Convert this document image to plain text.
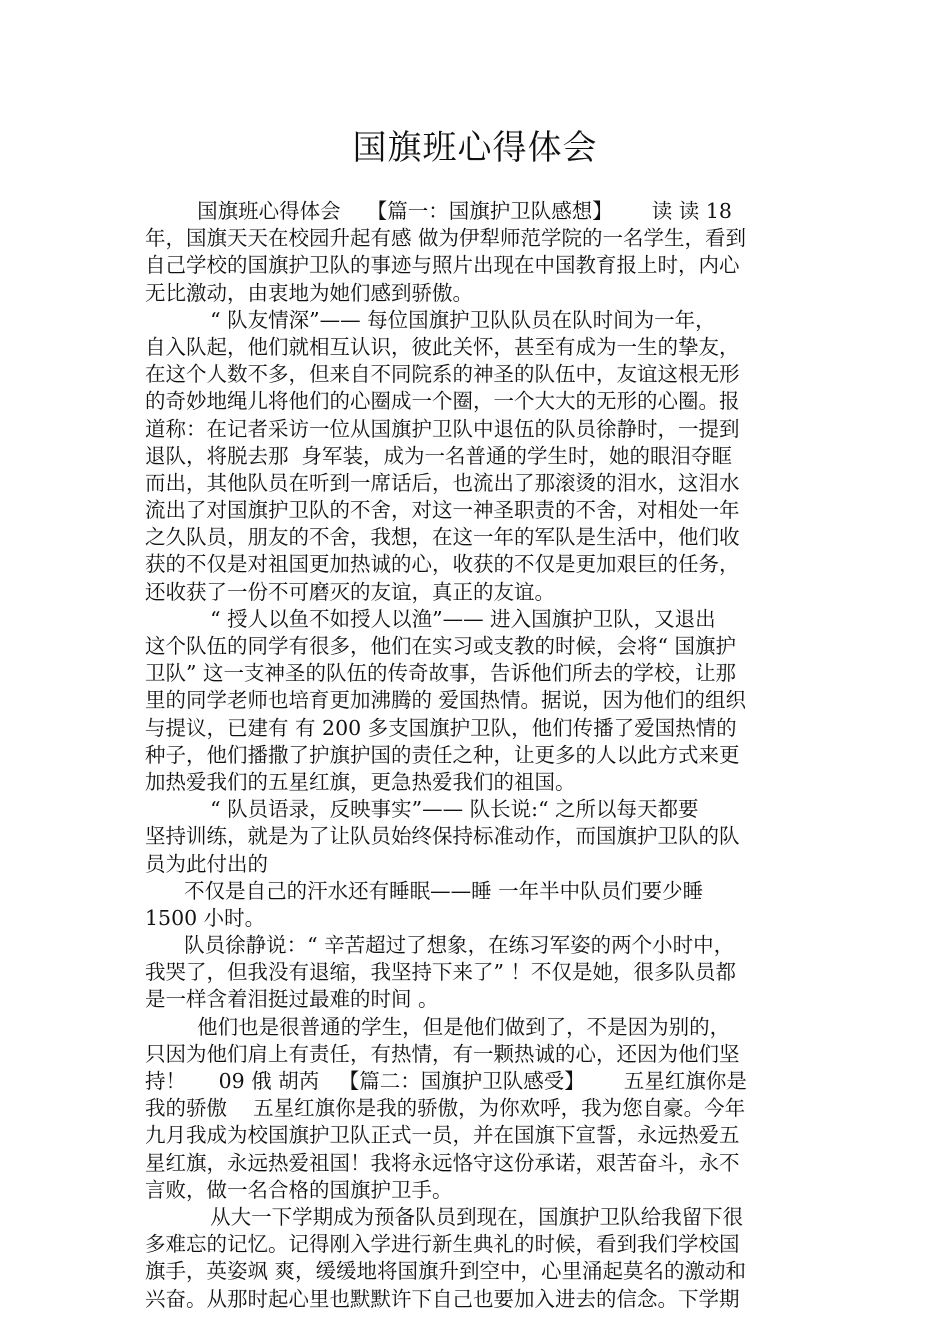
国旗班心得体会
国旗班心得体会    【篇一：国旗护卫队感想】      读 读 18
年，国旗天天在校园升起有感 做为伊犁师范学院的一名学生，看到
自己学校的国旗护卫队的事迹与照片出现在中国教育报上时，内心
无比激动，由衷地为她们感到骄傲。
“ 队友情深”—— 每位国旗护卫队队员在队时间为一年，
自入队起，他们就相互认识，彼此关怀，甚至有成为一生的挚友，
在这个人数不多，但来自不同院系的神圣的队伍中，友谊这根无形
的奇妙地绳儿将他们的心圈成一个圈，一个大大的无形的心圈。报
道称：在记者采访一位从国旗护卫队中退伍的队员徐静时，一提到
退队，将脱去那  身军装，成为一名普通的学生时，她的眼泪夺眶
而出，其他队员在听到一席话后，也流出了那滚烫的泪水，这泪水
流出了对国旗护卫队的不舍，对这一神圣职责的不舍，对相处一年
之久队员，朋友的不舍，我想，在这一年的军队是生活中，他们收
获的不仅是对祖国更加热诚的心，收获的不仅是更加艰巨的任务，
还收获了一份不可磨灭的友谊，真正的友谊。
“ 授人以鱼不如授人以渔”—— 进入国旗护卫队，又退出
这个队伍的同学有很多，他们在实习或支教的时候，会将“ 国旗护
卫队” 这一支神圣的队伍的传奇故事，告诉他们所去的学校，让那
里的同学老师也培育更加沸腾的 爱国热情。据说，因为他们的组织
与提议，已建有 有 200 多支国旗护卫队，他们传播了爱国热情的
种子，他们播撒了护旗护国的责任之种，让更多的人以此方式来更
加热爱我们的五星红旗，更急热爱我们的祖国。
“ 队员语录，反映事实”—— 队长说:“ 之所以每天都要
坚持训练，就是为了让队员始终保持标准动作，而国旗护卫队的队
员为此付出的
不仅是自己的汗水还有睡眠——睡 一年半中队员们要少睡
1500 小时。
队员徐静说：“ 辛苦超过了想象，在练习军姿的两个小时中，
我哭了，但我没有退缩，我坚持下来了” ！不仅是她，很多队员都
是一样含着泪挺过最难的时间 。
他们也是很普通的学生，但是他们做到了，不是因为别的，
只因为他们肩上有责任，有热情，有一颗热诚的心，还因为他们坚
持！     09 俄 胡芮   【篇二：国旗护卫队感受】      五星红旗你是
我的骄傲    五星红旗你是我的骄傲，为你欢呼，我为您自豪。今年
九月我成为校国旗护卫队正式一员，并在国旗下宣誓，永远热爱五
星红旗，永远热爱祖国！我将永远恪守这份承诺，艰苦奋斗，永不
言败，做一名合格的国旗护卫手。
从大一下学期成为预备队员到现在，国旗护卫队给我留下很
多难忘的记忆。记得刚入学进行新生典礼的时候，看到我们学校国
旗手，英姿飒 爽，缓缓地将国旗升到空中，心里涌起莫名的激动和
兴奋。从那时起心里也默默许下自己也要加入进去的信念。下学期
